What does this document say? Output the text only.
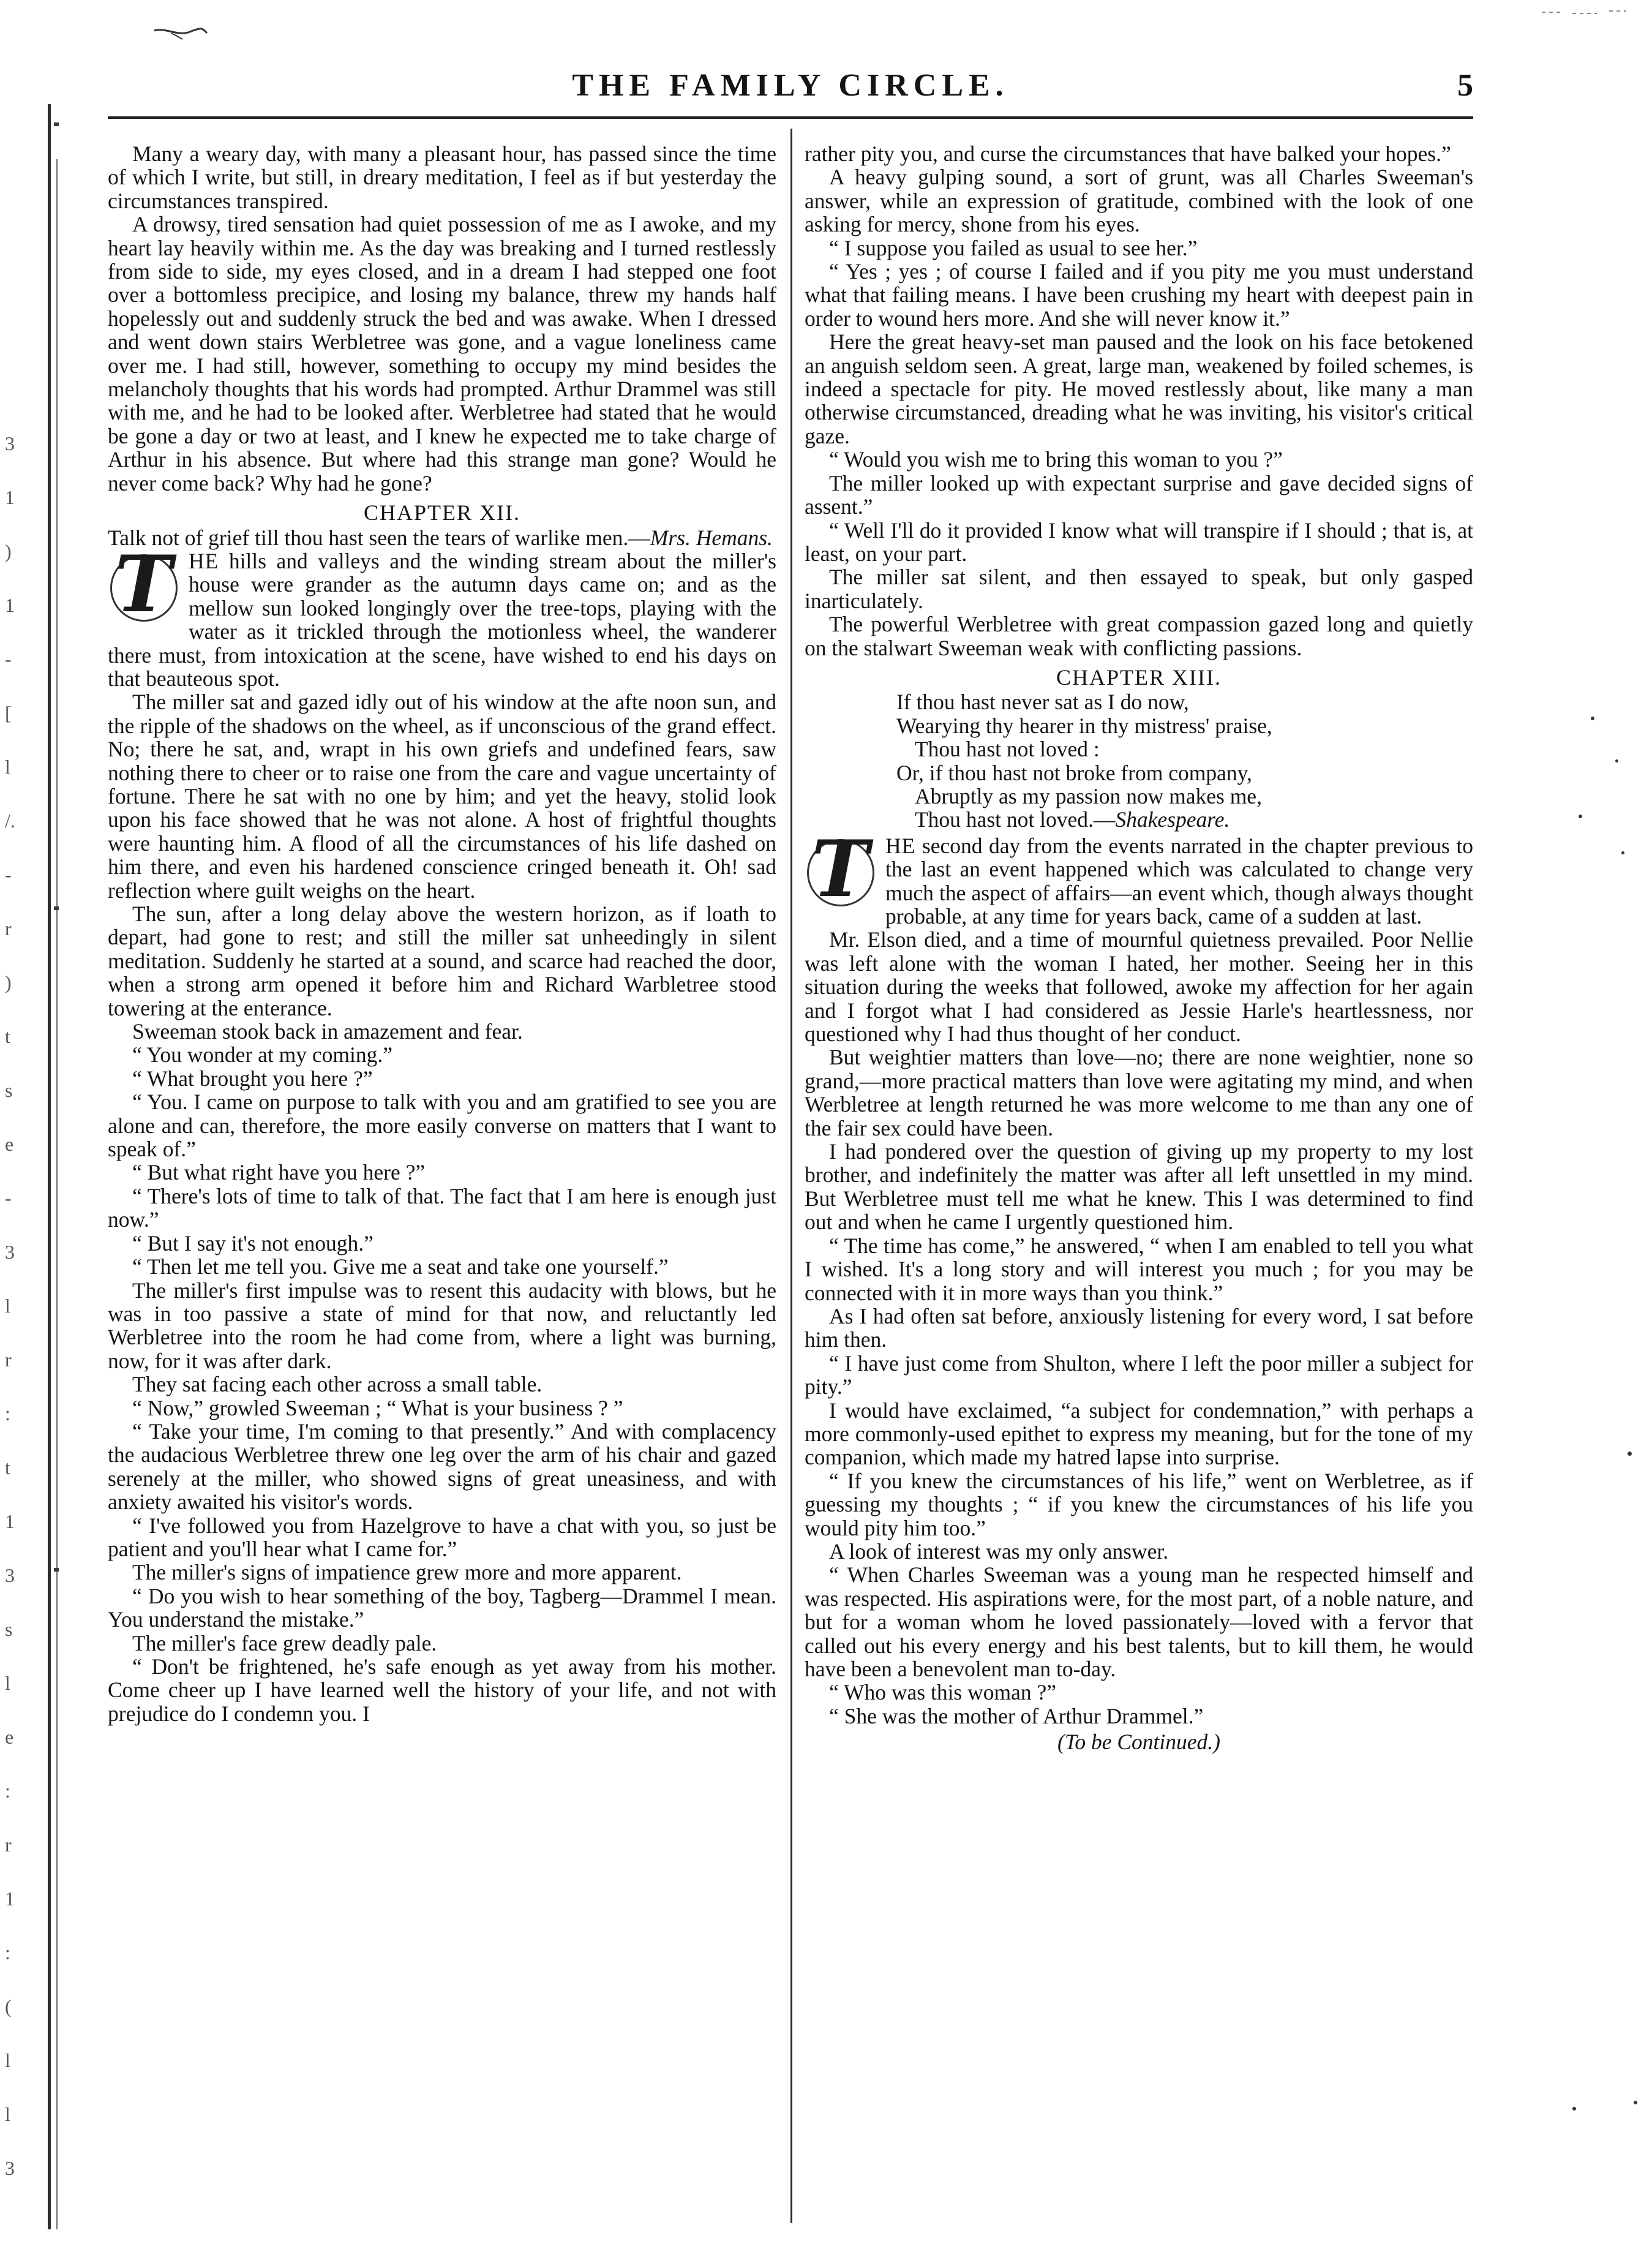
3
1
)
1
-
[
l
/.
-
r
)
t
s
e
-
3
l
r
:
t
1
3
s
l
e
:
r
1
:
(
l
l
3
THE FAMILY CIRCLE.	5

Many a weary day, with many a pleasant hour, has passed since the time of which I write, but still, in dreary meditation, I feel as if but yesterday the circumstances transpired.

A drowsy, tired sensation had quiet possession of me as I awoke, and my heart lay heavily within me. As the day was breaking and I turned restlessly from side to side, my eyes closed, and in a dream I had stepped one foot over a bottomless precipice, and losing my balance, threw my hands half hopelessly out and suddenly struck the bed and was awake. When I dressed and went down stairs Werbletree was gone, and a vague loneliness came over me. I had still, however, something to occupy my mind besides the melancholy thoughts that his words had prompted. Arthur Drammel was still with me, and he had to be looked after. Werbletree had stated that he would be gone a day or two at least, and I knew he expected me to take charge of Arthur in his absence. But where had this strange man gone? Would he never come back? Why had he gone?

CHAPTER XII.

Talk not of grief till thou hast seen the tears of warlike men.—Mrs. Hemans.

T HE hills and valleys and the winding stream about the miller's house were grander as the autumn days came on; and as the mellow sun looked longingly over the tree-tops, playing with the water as it trickled through the motionless wheel, the wanderer there must, from intoxication at the scene, have wished to end his days on that beauteous spot.

The miller sat and gazed idly out of his window at the afte noon sun, and the ripple of the shadows on the wheel, as if unconscious of the grand effect. No; there he sat, and, wrapt in his own griefs and undefined fears, saw nothing there to cheer or to raise one from the care and vague uncertainty of fortune. There he sat with no one by him; and yet the heavy, stolid look upon his face showed that he was not alone. A host of frightful thoughts were haunting him. A flood of all the circumstances of his life dashed on him there, and even his hardened conscience cringed beneath it. Oh! sad reflection where guilt weighs on the heart.

The sun, after a long delay above the western horizon, as if loath to depart, had gone to rest; and still the miller sat unheedingly in silent meditation. Suddenly he started at a sound, and scarce had reached the door, when a strong arm opened it before him and Richard Warbletree stood towering at the enterance.

Sweeman stook back in amazement and fear.

“ You wonder at my coming.”

“ What brought you here ?”

“ You. I came on purpose to talk with you and am gratified to see you are alone and can, therefore, the more easily converse on matters that I want to speak of.”

“ But what right have you here ?”

“ There's lots of time to talk of that. The fact that I am here is enough just now.”

“ But I say it's not enough.”

“ Then let me tell you. Give me a seat and take one yourself.”

The miller's first impulse was to resent this audacity with blows, but he was in too passive a state of mind for that now, and reluctantly led Werbletree into the room he had come from, where a light was burning, now, for it was after dark.

They sat facing each other across a small table.

“ Now,” growled Sweeman ; “ What is your business ? ”

“ Take your time, I'm coming to that presently.” And with complacency the audacious Werbletree threw one leg over the arm of his chair and gazed serenely at the miller, who showed signs of great uneasiness, and with anxiety awaited his visitor's words.

“ I've followed you from Hazelgrove to have a chat with you, so just be patient and you'll hear what I came for.”

The miller's signs of impatience grew more and more apparent.

“ Do you wish to hear something of the boy, Tagberg—Drammel I mean. You understand the mistake.”

The miller's face grew deadly pale.

“ Don't be frightened, he's safe enough as yet away from his mother. Come cheer up I have learned well the history of your life, and not with prejudice do I condemn you. I

rather pity you, and curse the circumstances that have balked your hopes.”

A heavy gulping sound, a sort of grunt, was all Charles Sweeman's answer, while an expression of gratitude, combined with the look of one asking for mercy, shone from his eyes.

“ I suppose you failed as usual to see her.”

“ Yes ; yes ; of course I failed and if you pity me you must understand what that failing means. I have been crushing my heart with deepest pain in order to wound hers more. And she will never know it.”

Here the great heavy-set man paused and the look on his face betokened an anguish seldom seen. A great, large man, weakened by foiled schemes, is indeed a spectacle for pity. He moved restlessly about, like many a man otherwise circumstanced, dreading what he was inviting, his visitor's critical gaze.

“ Would you wish me to bring this woman to you ?”

The miller looked up with expectant surprise and gave decided signs of assent.”

“ Well I'll do it provided I know what will transpire if I should ; that is, at least, on your part.

The miller sat silent, and then essayed to speak, but only gasped inarticulately.

The powerful Werbletree with great compassion gazed long and quietly on the stalwart Sweeman weak with conflicting passions.

CHAPTER XIII.
If thou hast never sat as I do now,
Wearying thy hearer in thy mistress' praise,
Thou hast not loved :
Or, if thou hast not broke from company,
Abruptly as my passion now makes me,
Thou hast not loved.—Shakespeare.

T HE second day from the events narrated in the chapter previous to the last an event happened which was calculated to change very much the aspect of affairs—an event which, though always thought probable, at any time for years back, came of a sudden at last.

Mr. Elson died, and a time of mournful quietness prevailed. Poor Nellie was left alone with the woman I hated, her mother. Seeing her in this situation during the weeks that followed, awoke my affection for her again and I forgot what I had considered as Jessie Harle's heartlessness, nor questioned why I had thus thought of her conduct.

But weightier matters than love—no; there are none weightier, none so grand,—more practical matters than love were agitating my mind, and when Werbletree at length returned he was more welcome to me than any one of the fair sex could have been.

I had pondered over the question of giving up my property to my lost brother, and indefinitely the matter was after all left unsettled in my mind. But Werbletree must tell me what he knew. This I was determined to find out and when he came I urgently questioned him.

“ The time has come,” he answered, “ when I am enabled to tell you what I wished. It's a long story and will interest you much ; for you may be connected with it in more ways than you think.”

As I had often sat before, anxiously listening for every word, I sat before him then.

“ I have just come from Shulton, where I left the poor miller a subject for pity.”

I would have exclaimed, “a subject for condemnation,” with perhaps a more commonly-used epithet to express my meaning, but for the tone of my companion, which made my hatred lapse into surprise.

“ If you knew the circumstances of his life,” went on Werbletree, as if guessing my thoughts ; “ if you knew the circumstances of his life you would pity him too.”

A look of interest was my only answer.

“ When Charles Sweeman was a young man he respected himself and was respected. His aspirations were, for the most part, of a noble nature, and but for a woman whom he loved passionately—loved with a fervor that called out his every energy and his best talents, but to kill them, he would have been a benevolent man to-day.

“ Who was this woman ?”

“ She was the mother of Arthur Drammel.”

(To be Continued.)
